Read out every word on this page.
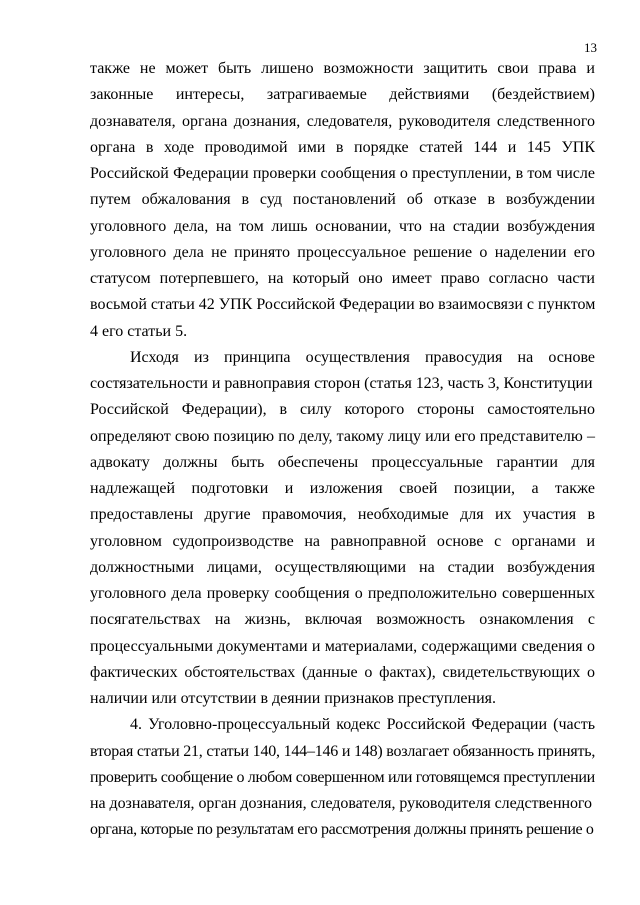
13
также не может быть лишено возможности защитить свои права и
законные интересы, затрагиваемые действиями (бездействием)
дознавателя, органа дознания, следователя, руководителя следственного
органа в ходе проводимой ими в порядке статей 144 и 145 УПК
Российской Федерации проверки сообщения о преступлении, в том числе
путем обжалования в суд постановлений об отказе в возбуждении
уголовного дела, на том лишь основании, что на стадии возбуждения
уголовного дела не принято процессуальное решение о наделении его
статусом потерпевшего, на который оно имеет право согласно части
восьмой статьи 42 УПК Российской Федерации во взаимосвязи с пунктом
4 его статьи 5.
Исходя из принципа осуществления правосудия на основе
состязательности и равноправия сторон (статья 123, часть 3, Конституции
Российской Федерации), в силу которого стороны самостоятельно
определяют свою позицию по делу, такому лицу или его представителю –
адвокату должны быть обеспечены процессуальные гарантии для
надлежащей подготовки и изложения своей позиции, а также
предоставлены другие правомочия, необходимые для их участия в
уголовном судопроизводстве на равноправной основе с органами и
должностными лицами, осуществляющими на стадии возбуждения
уголовного дела проверку сообщения о предположительно совершенных
посягательствах на жизнь, включая возможность ознакомления с
процессуальными документами и материалами, содержащими сведения о
фактических обстоятельствах (данные о фактах), свидетельствующих о
наличии или отсутствии в деянии признаков преступления.
4. Уголовно-процессуальный кодекс Российской Федерации (часть
вторая статьи 21, статьи 140, 144–146 и 148) возлагает обязанность принять,
проверить сообщение о любом совершенном или готовящемся преступлении
на дознавателя, орган дознания, следователя, руководителя следственного
органа, которые по результатам его рассмотрения должны принять решение о
